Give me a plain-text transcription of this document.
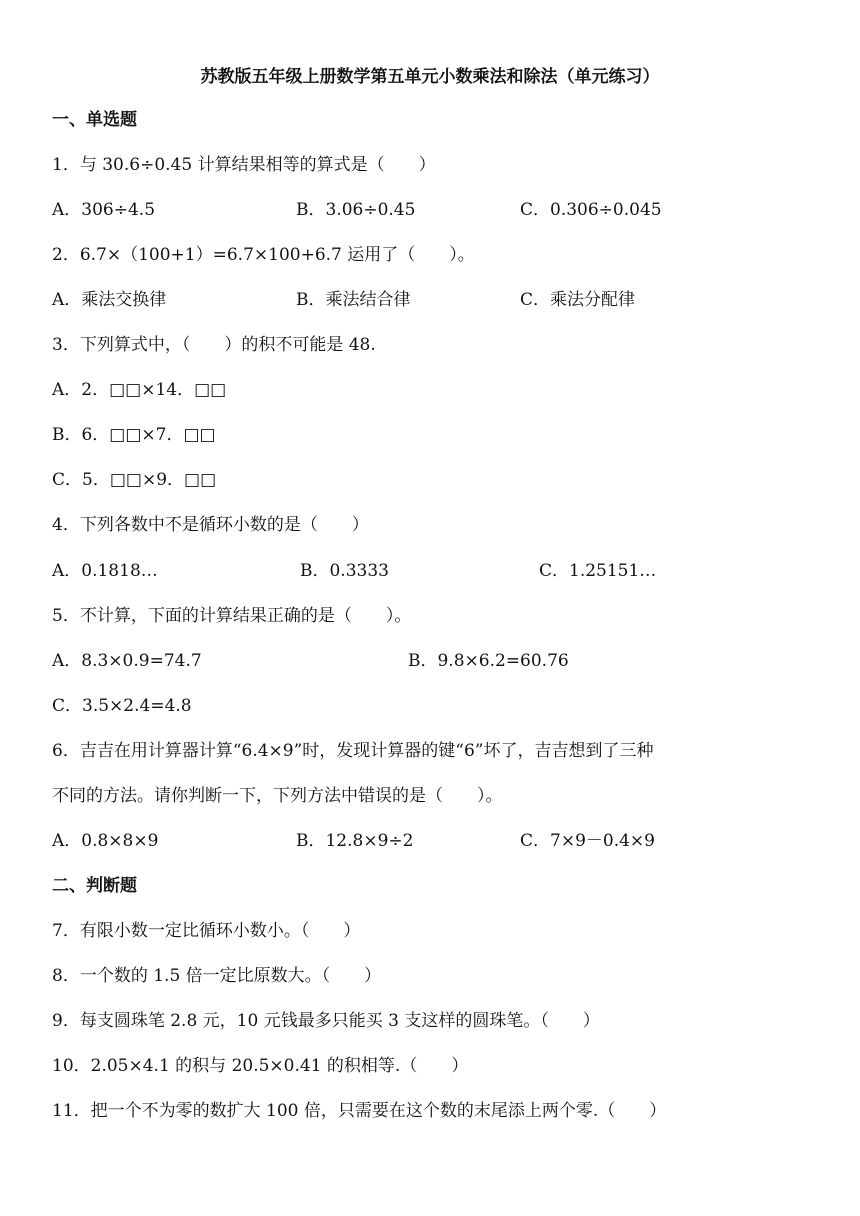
苏教版五年级上册数学第五单元小数乘法和除法（单元练习）
一、单选题
1．与 30.6÷0.45 计算结果相等的算式是（　　）
A．306÷4.5	B．3.06÷0.45	C．0.306÷0.045
2．6.7×（100+1）=6.7×100+6.7 运用了（　　）。
A．乘法交换律	B．乘法结合律	C．乘法分配律
3．下列算式中，（　　）的积不可能是 48.
A．2．□□×14．□□
B．6．□□×7．□□
C．5．□□×9．□□
4．下列各数中不是循环小数的是（　　）
A．0.1818…	B．0.3333	C．1.25151…
5．不计算，下面的计算结果正确的是（　　）。
A．8.3×0.9=74.7	B．9.8×6.2=60.76
C．3.5×2.4=4.8
6．吉吉在用计算器计算“6.4×9”时，发现计算器的键“6”坏了，吉吉想到了三种
不同的方法。请你判断一下，下列方法中错误的是（　　）。
A．0.8×8×9	B．12.8×9÷2	C．7×9－0.4×9
二、判断题
7．有限小数一定比循环小数小。（　　）
8．一个数的 1.5 倍一定比原数大。（　　）
9．每支圆珠笔 2.8 元，10 元钱最多只能买 3 支这样的圆珠笔。（　　）
10．2.05×4.1 的积与 20.5×0.41 的积相等.（　　）
11．把一个不为零的数扩大 100 倍，只需要在这个数的末尾添上两个零.（　　）
